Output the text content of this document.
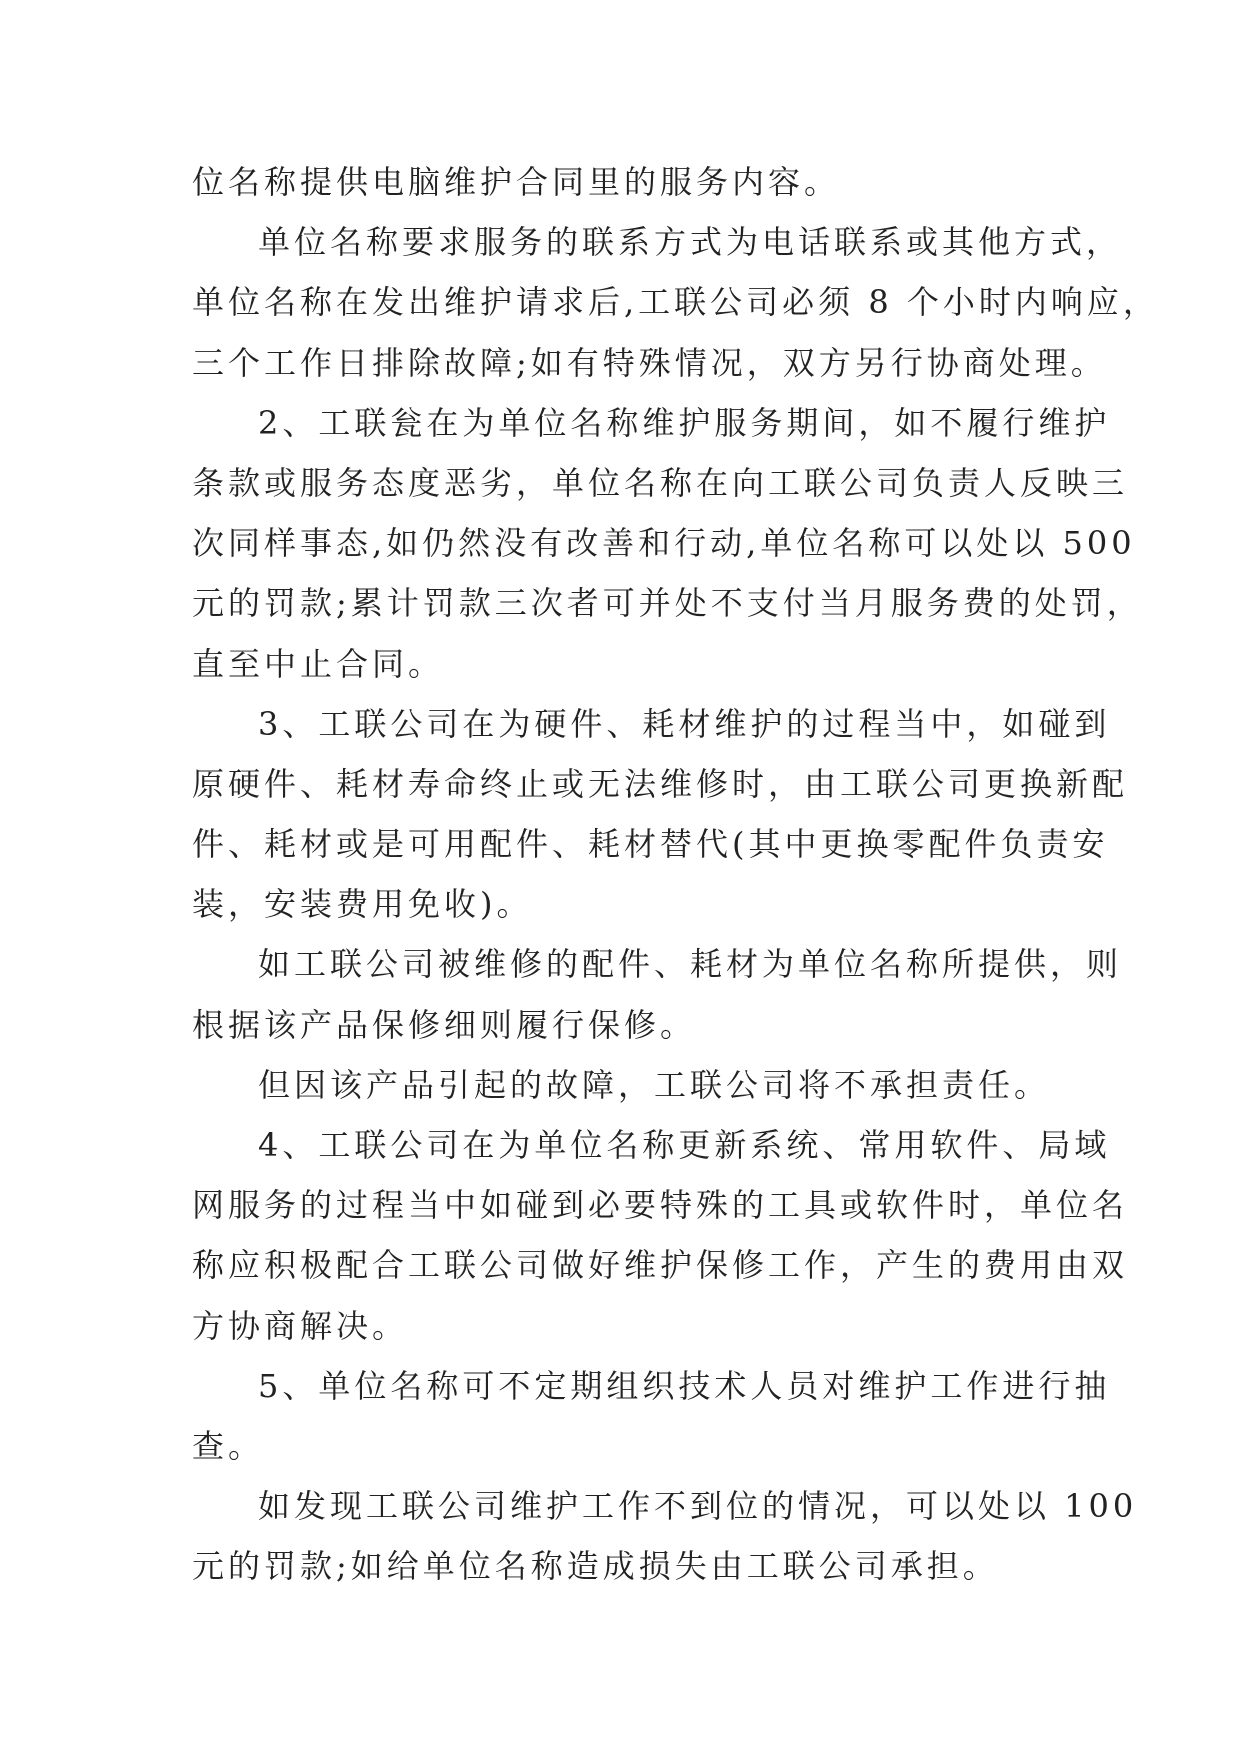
位名称提供电脑维护合同里的服务内容。
单位名称要求服务的联系方式为电话联系或其他方式，
单位名称在发出维护请求后,工联公司必须 8 个小时内响应，
三个工作日排除故障;如有特殊情况，双方另行协商处理。
2、工联瓮在为单位名称维护服务期间，如不履行维护
条款或服务态度恶劣，单位名称在向工联公司负责人反映三
次同样事态,如仍然没有改善和行动,单位名称可以处以 500
元的罚款;累计罚款三次者可并处不支付当月服务费的处罚，
直至中止合同。
3、工联公司在为硬件、耗材维护的过程当中，如碰到
原硬件、耗材寿命终止或无法维修时，由工联公司更换新配
件、耗材或是可用配件、耗材替代(其中更换零配件负责安
装，安装费用免收)。
如工联公司被维修的配件、耗材为单位名称所提供，则
根据该产品保修细则履行保修。
但因该产品引起的故障，工联公司将不承担责任。
4、工联公司在为单位名称更新系统、常用软件、局域
网服务的过程当中如碰到必要特殊的工具或软件时，单位名
称应积极配合工联公司做好维护保修工作，产生的费用由双
方协商解决。
5、单位名称可不定期组织技术人员对维护工作进行抽
查。
如发现工联公司维护工作不到位的情况，可以处以 100
元的罚款;如给单位名称造成损失由工联公司承担。
